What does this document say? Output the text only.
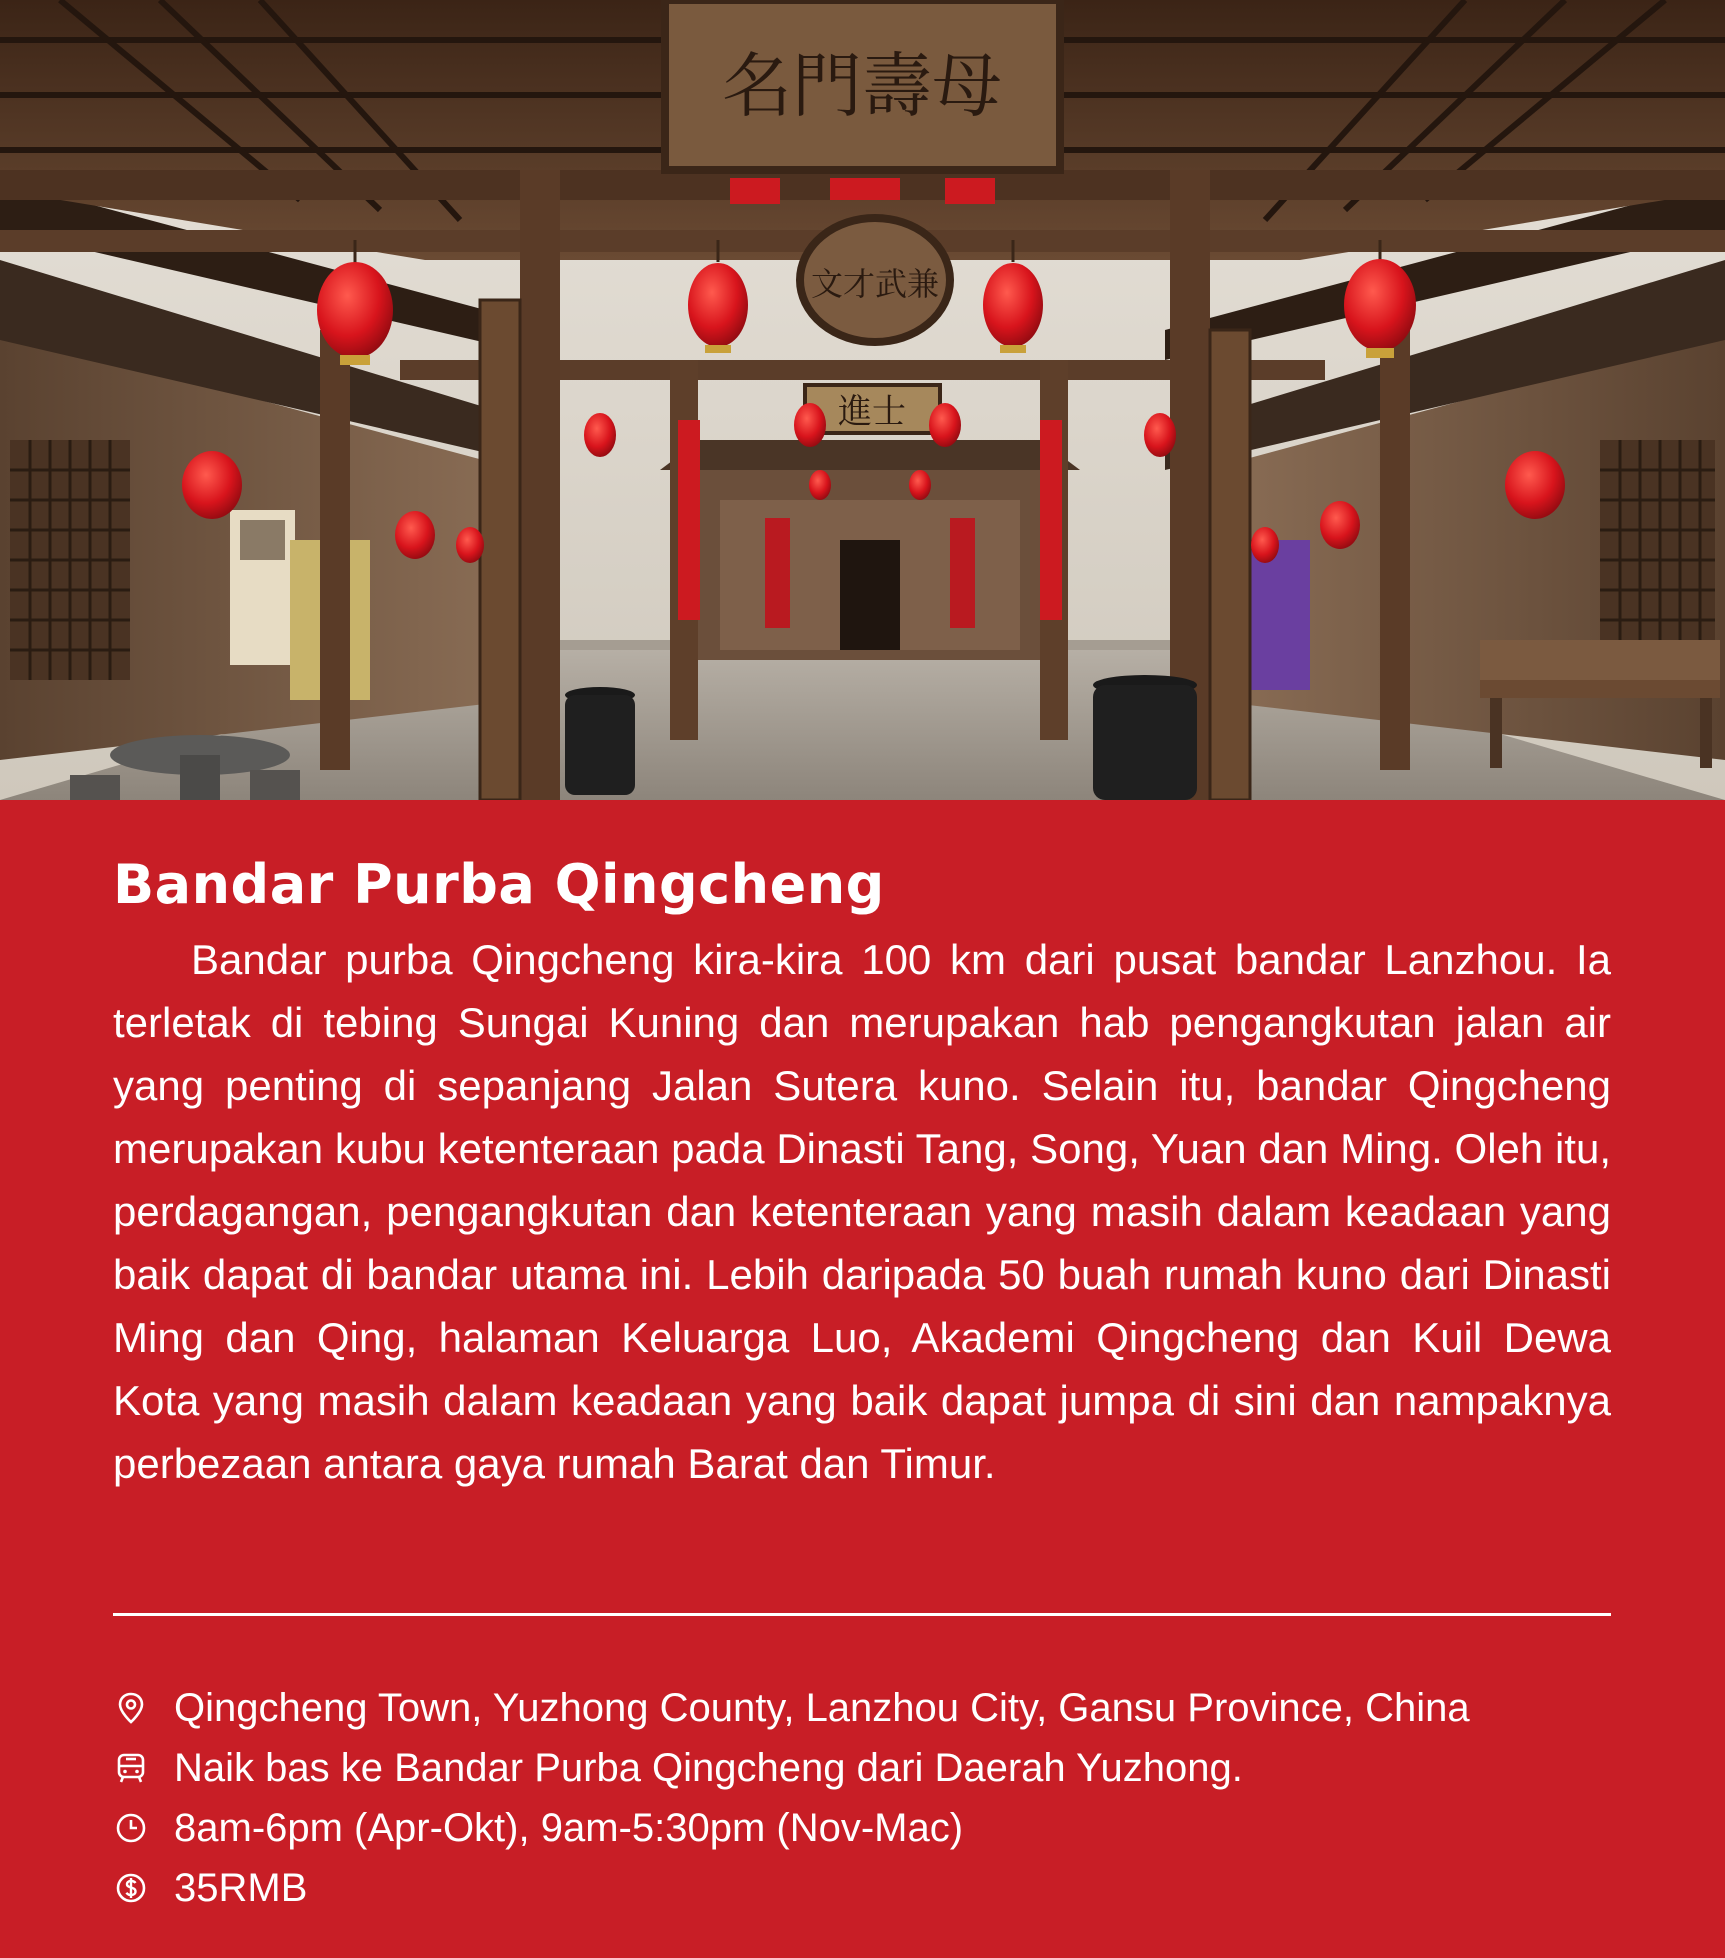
名門壽母
文才武兼
進士
Bandar Purba Qingcheng

Bandar purba Qingcheng kira-kira 100 km dari pusat bandar Lanzhou. Ia terletak di tebing Sungai Kuning dan merupakan hab pengangkutan jalan air yang penting di sepanjang Jalan Sutera kuno. Selain itu, bandar Qingcheng merupakan kubu ketenteraan pada Dinasti Tang, Song, Yuan dan Ming. Oleh itu, perdagangan, pengangkutan dan ketenteraan yang masih dalam keadaan yang baik dapat di bandar utama ini. Lebih daripada 50 buah rumah kuno dari Dinasti Ming dan Qing, halaman Keluarga Luo, Akademi Qingcheng dan Kuil Dewa Kota yang masih dalam keadaan yang baik dapat jumpa di sini dan nampaknya perbezaan antara gaya rumah Barat dan Timur.

Qingcheng Town, Yuzhong County, Lanzhou City, Gansu Province, China
Naik bas ke Bandar Purba Qingcheng dari Daerah Yuzhong.
8am-6pm (Apr-Okt), 9am-5:30pm (Nov-Mac)
35RMB
